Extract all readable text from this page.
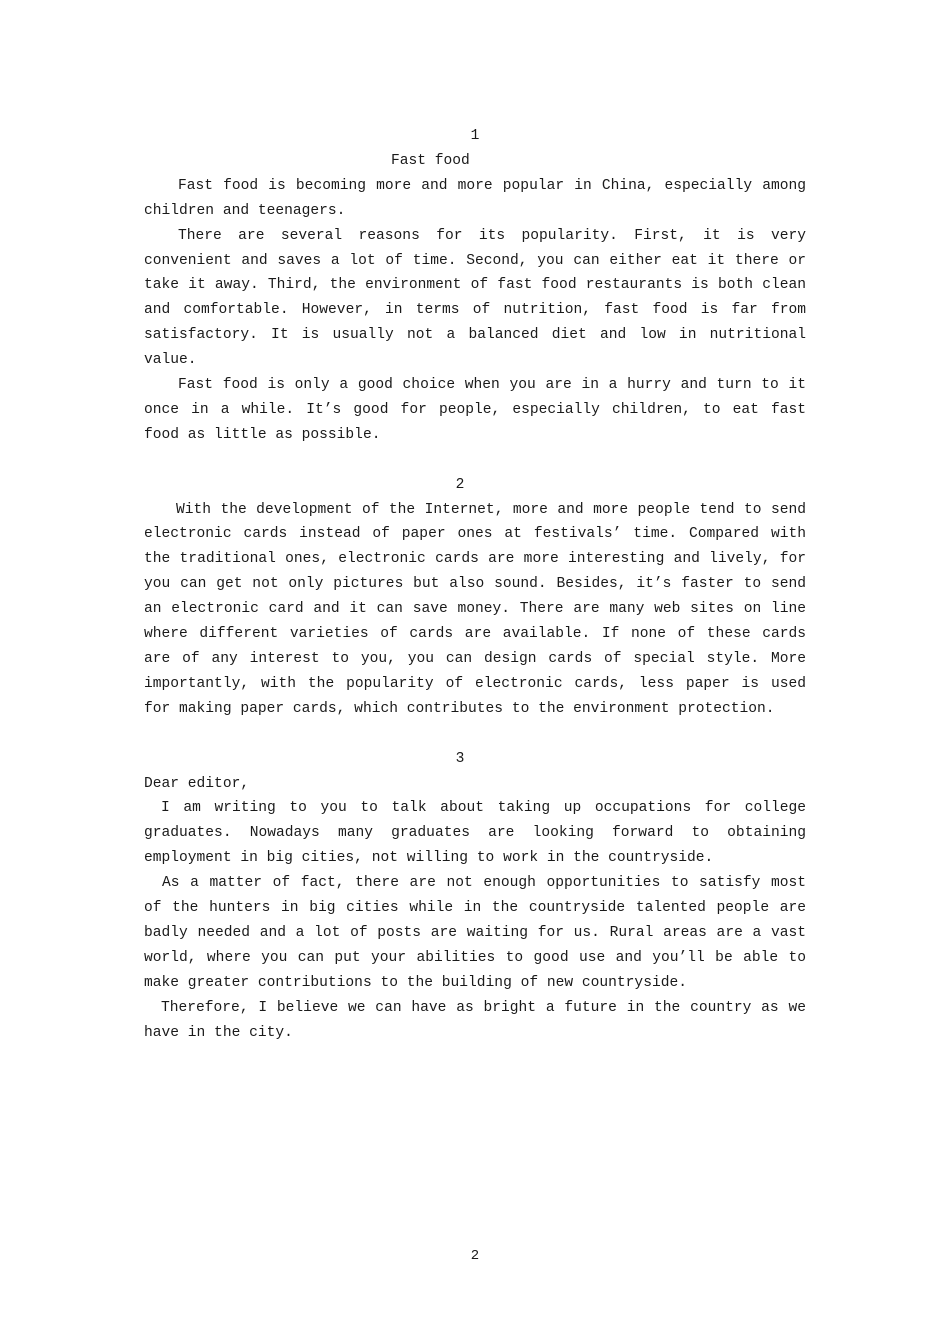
1
Fast food

Fast food is becoming more and more popular in China, especially among children and teenagers.

There are several reasons for its popularity. First, it is very convenient and saves a lot of time. Second, you can either eat it there or take it away. Third, the environment of fast food restaurants is both clean and comfortable. However, in terms of nutrition, fast food is far from satisfactory. It is usually not a balanced diet and low in nutritional value.

Fast food is only a good choice when you are in a hurry and turn to it once in a while. It’s good for people, especially children, to eat fast food as little as possible.

2

With the development of the Internet, more and more people tend to send electronic cards instead of paper ones at festivals’ time. Compared with the traditional ones, electronic cards are more interesting and lively, for you can get not only pictures but also sound. Besides, it’s faster to send an electronic card and it can save money. There are many web sites on line where different varieties of cards are available. If none of these cards are of any interest to you, you can design cards of special style. More importantly, with the popularity of electronic cards, less paper is used for making paper cards, which contributes to the environment protection.

3
Dear editor,

I am writing to you to talk about taking up occupations for college graduates. Nowadays many graduates are looking forward to obtaining employment in big cities, not willing to work in the countryside.

As a matter of fact, there are not enough opportunities to satisfy most of the hunters in big cities while in the countryside talented people are badly needed and a lot of posts are waiting for us. Rural areas are a vast world, where you can put your abilities to good use and you’ll be able to make greater contributions to the building of new countryside.

Therefore, I believe we can have as bright a future in the country as we have in the city.

2
